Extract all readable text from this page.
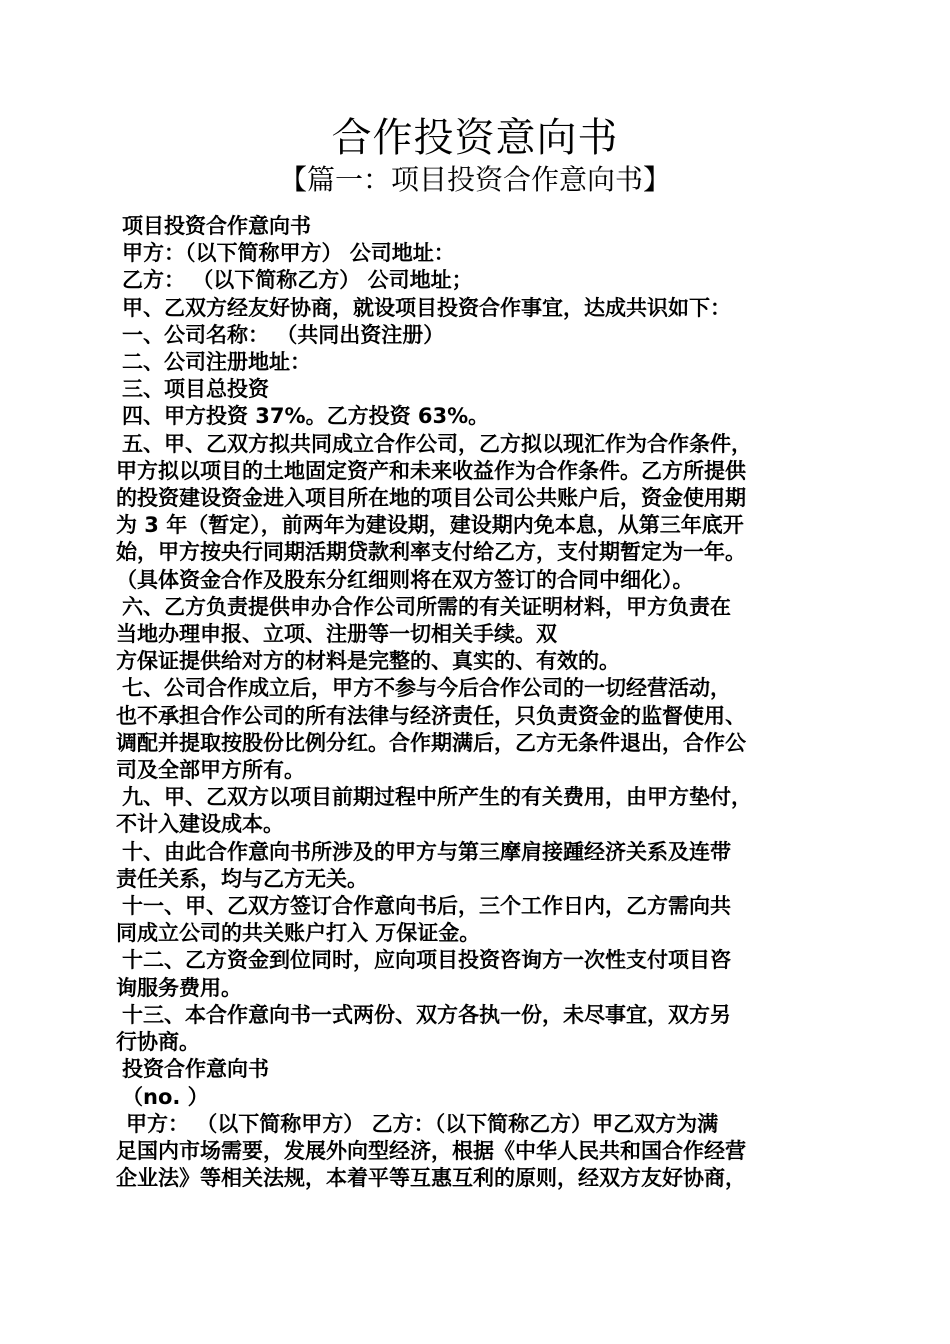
合作投资意向书
【篇一：项目投资合作意向书】

项目投资合作意向书

甲方：（以下简称甲方） 公司地址：

乙方： （以下简称乙方） 公司地址；

甲、乙双方经友好协商，就设项目投资合作事宜，达成共识如下：

一、公司名称： （共同出资注册）

二、公司注册地址：

三、项目总投资

四、甲方投资 37%。乙方投资 63%。

五、甲、乙双方拟共同成立合作公司，乙方拟以现汇作为合作条件，

甲方拟以项目的土地固定资产和未来收益作为合作条件。乙方所提供

的投资建设资金进入项目所在地的项目公司公共账户后，资金使用期

为 3 年（暂定），前两年为建设期，建设期内免本息，从第三年底开

始，甲方按央行同期活期贷款利率支付给乙方，支付期暂定为一年。

（具体资金合作及股东分红细则将在双方签订的合同中细化）。

六、乙方负责提供申办合作公司所需的有关证明材料，甲方负责在

当地办理申报、立项、注册等一切相关手续。双

方保证提供给对方的材料是完整的、真实的、有效的。

七、公司合作成立后，甲方不参与今后合作公司的一切经营活动，

也不承担合作公司的所有法律与经济责任，只负责资金的监督使用、

调配并提取按股份比例分红。合作期满后，乙方无条件退出，合作公

司及全部甲方所有。

九、甲、乙双方以项目前期过程中所产生的有关费用，由甲方垫付，

不计入建设成本。

十、由此合作意向书所涉及的甲方与第三摩肩接踵经济关系及连带

责任关系，均与乙方无关。

十一、甲、乙双方签订合作意向书后，三个工作日内，乙方需向共

同成立公司的共关账户打入 万保证金。

十二、乙方资金到位同时，应向项目投资咨询方一次性支付项目咨

询服务费用。

十三、本合作意向书一式两份、双方各执一份，未尽事宜，双方另

行协商。

投资合作意向书

（no. ）

甲方： （以下简称甲方） 乙方：（以下简称乙方）甲乙双方为满

足国内市场需要，发展外向型经济，根据《中华人民共和国合作经营

企业法》等相关法规，本着平等互惠互利的原则，经双方友好协商，
